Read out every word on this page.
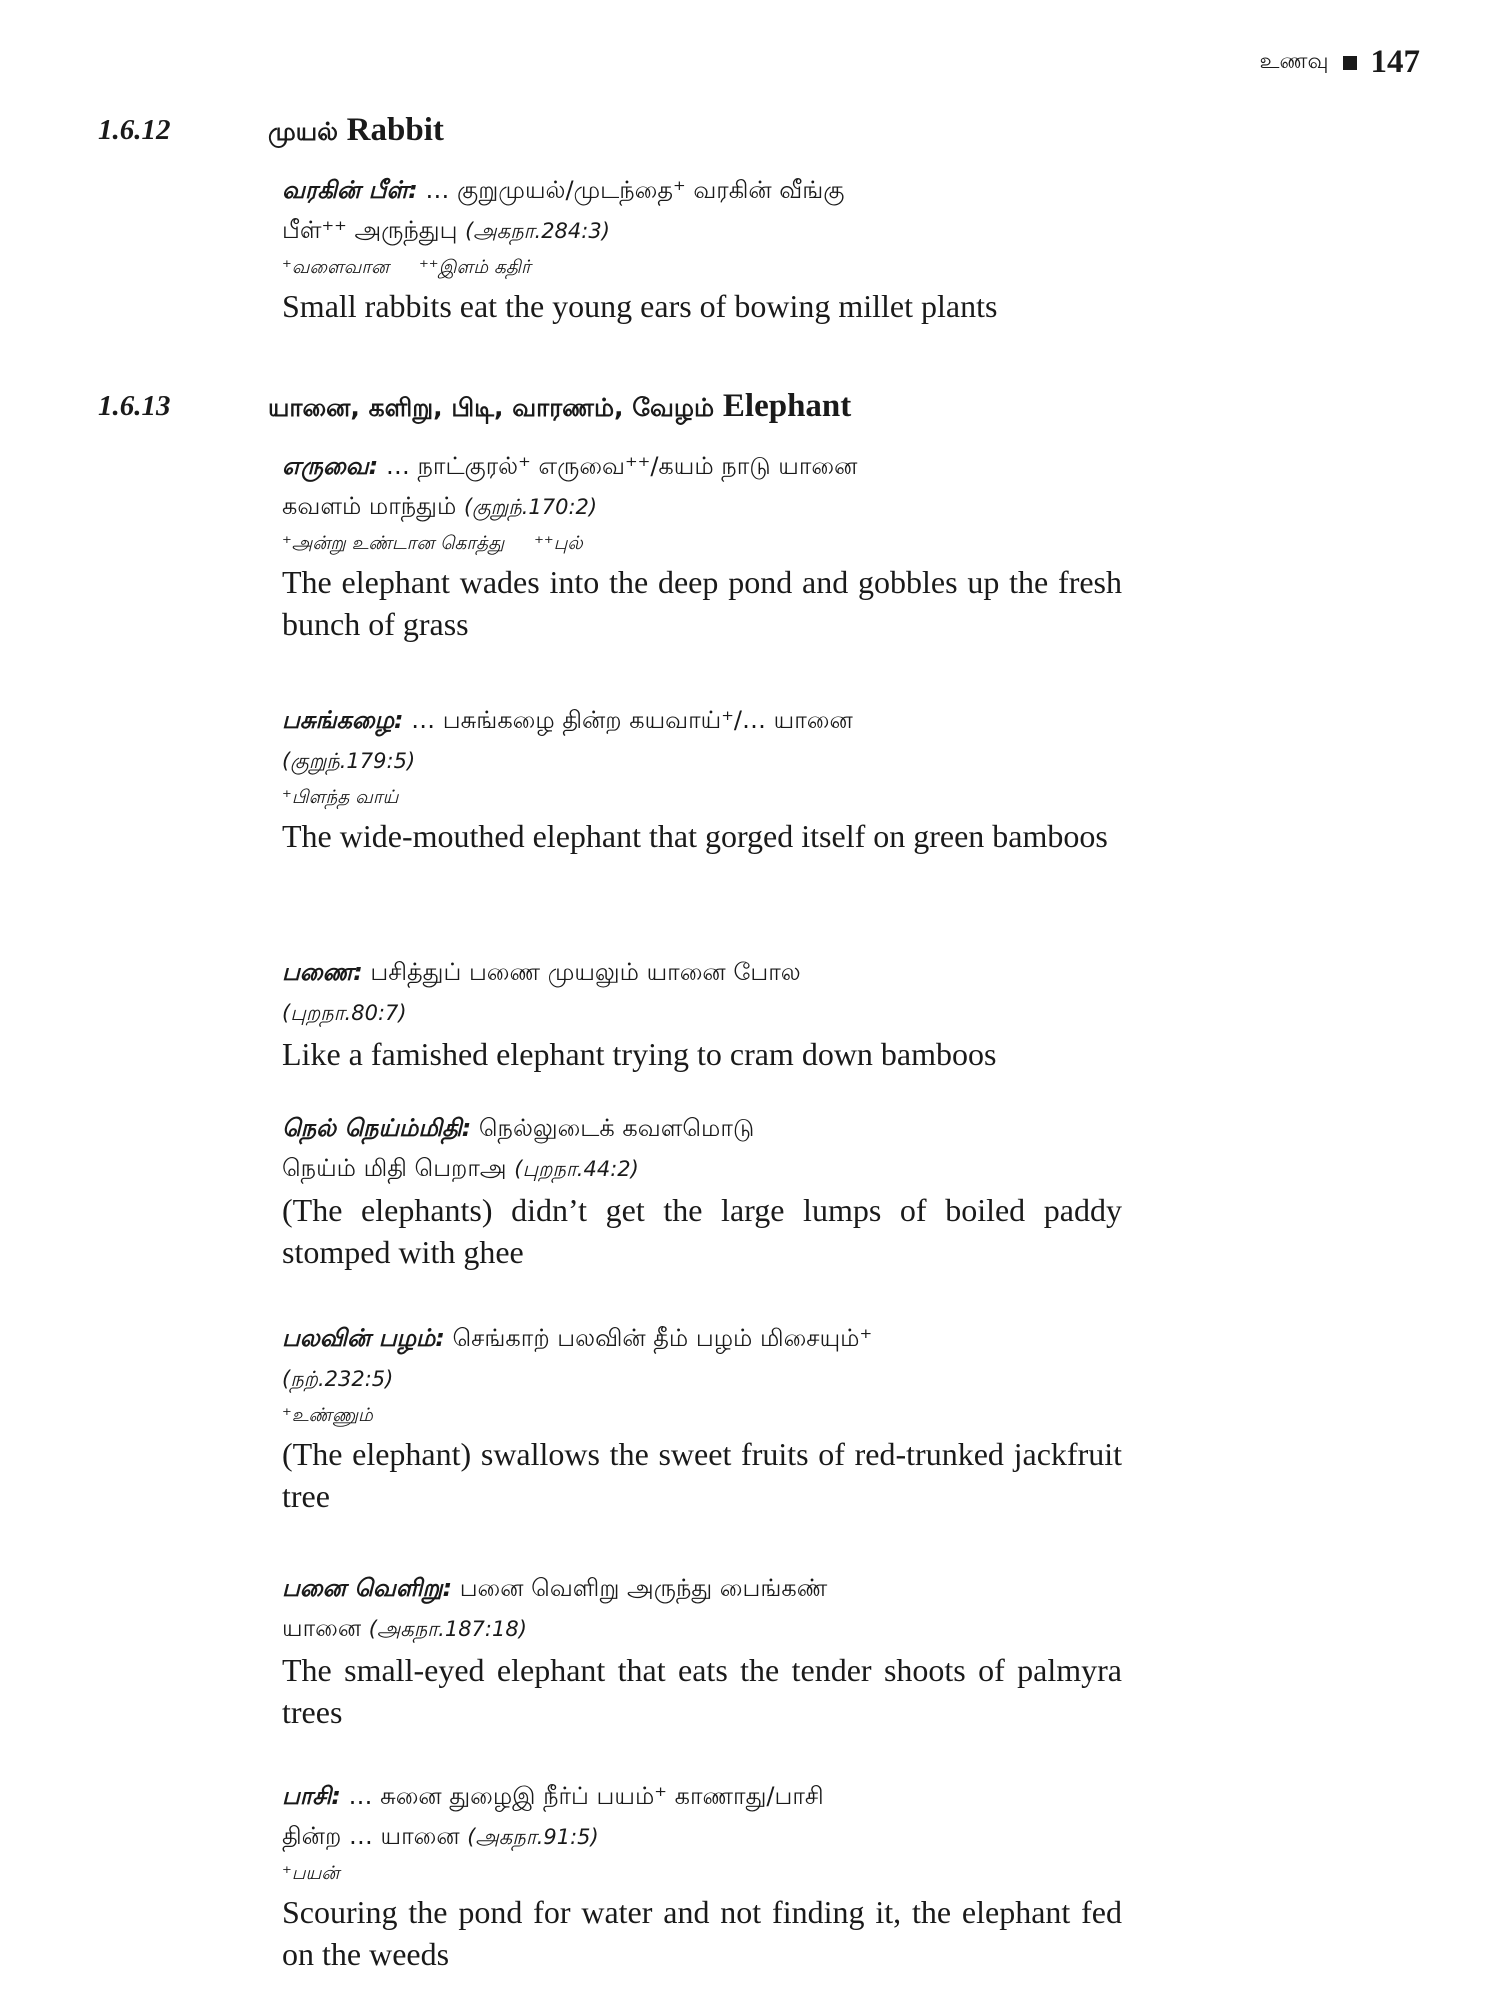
உணவு 147
1.6.12	முயல் Rabbit
வரகின் பீள்: … குறுமுயல்/முடந்தை⁺ வரகின் வீங்கு
பீள்⁺⁺ அருந்துபு (அகநா.284:3)
⁺வளைவான ⁺⁺இளம் கதிர்
Small rabbits eat the young ears of bowing millet plants
1.6.13	யானை, களிறு, பிடி, வாரணம், வேழம் Elephant
எருவை: … நாட்குரல்⁺ எருவை⁺⁺/கயம் நாடு யானை
கவளம் மாந்தும் (குறுந்.170:2)
⁺அன்று உண்டான கொத்து ⁺⁺புல்
The elephant wades into the deep pond and gobbles up the fresh bunch of grass
பசுங்கழை: … பசுங்கழை தின்ற கயவாய்⁺/… யானை
(குறுந்.179:5)
⁺பிளந்த வாய்
The wide-mouthed elephant that gorged itself on green bamboos
பணை: பசித்துப் பணை முயலும் யானை போல
(புறநா.80:7)
Like a famished elephant trying to cram down bamboos
நெல் நெய்ம்மிதி: நெல்லுடைக் கவளமொடு
நெய்ம் மிதி பெறாஅ (புறநா.44:2)
(The elephants) didn’t get the large lumps of boiled paddy stomped with ghee
பலவின் பழம்: செங்காற் பலவின் தீம் பழம் மிசையும்⁺
(நற்.232:5)
⁺உண்ணும்
(The elephant) swallows the sweet fruits of red-trunked jackfruit tree
பனை வெளிறு: பனை வெளிறு அருந்து பைங்கண்
யானை (அகநா.187:18)
The small-eyed elephant that eats the tender shoots of palmyra trees
பாசி: … சுனை துழைஇ நீர்ப் பயம்⁺ காணாது/பாசி
தின்ற … யானை (அகநா.91:5)
⁺பயன்
Scouring the pond for water and not finding it, the elephant fed on the weeds
